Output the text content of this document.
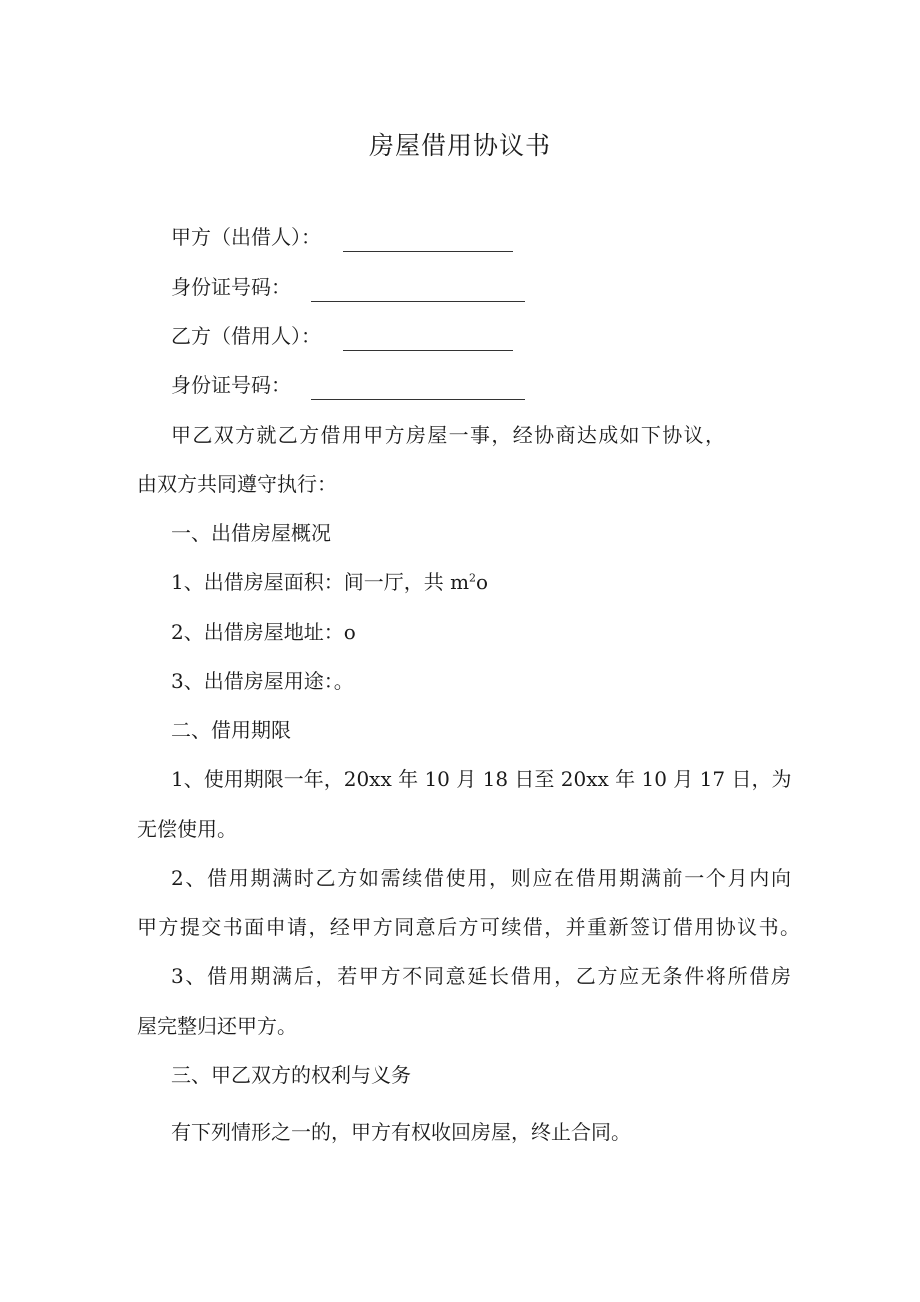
房屋借用协议书
甲方（出借人）：
身份证号码：
乙方（借用人）：
身份证号码：
甲乙双方就乙方借用甲方房屋一事，经协商达成如下协议，
由双方共同遵守执行：
一、出借房屋概况
1、出借房屋面积：间一厅，共 $m^2o$
2、出借房屋地址：o
3、出借房屋用途：。
二、借用期限
1、使用期限一年，20xx 年 10 月 18 日至 20xx 年 10 月 17 日，为
无偿使用。
2、借用期满时乙方如需续借使用，则应在借用期满前一个月内向
甲方提交书面申请，经甲方同意后方可续借，并重新签订借用协议书。
3、借用期满后，若甲方不同意延长借用，乙方应无条件将所借房
屋完整归还甲方。
三、甲乙双方的权利与义务
有下列情形之一的，甲方有权收回房屋，终止合同。
